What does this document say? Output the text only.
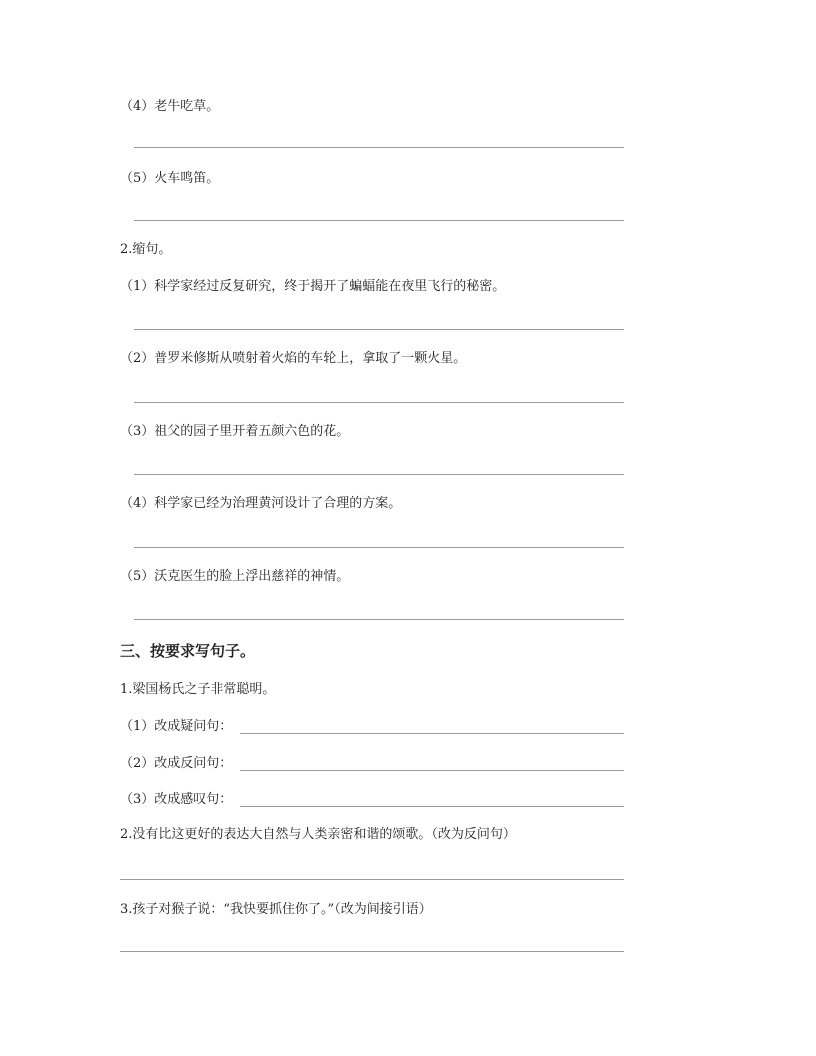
（4）老牛吃草。
（5）火车鸣笛。
2.缩句。
（1）科学家经过反复研究，终于揭开了蝙蝠能在夜里飞行的秘密。
（2）普罗米修斯从喷射着火焰的车轮上，拿取了一颗火星。
（3）祖父的园子里开着五颜六色的花。
（4）科学家已经为治理黄河设计了合理的方案。
（5）沃克医生的脸上浮出慈祥的神情。
三、按要求写句子。
1.梁国杨氏之子非常聪明。
（1）改成疑问句：
（2）改成反问句：
（3）改成感叹句：
2.没有比这更好的表达大自然与人类亲密和谐的颂歌。（改为反问句）
3.孩子对猴子说：“我快要抓住你了。”（改为间接引语）
